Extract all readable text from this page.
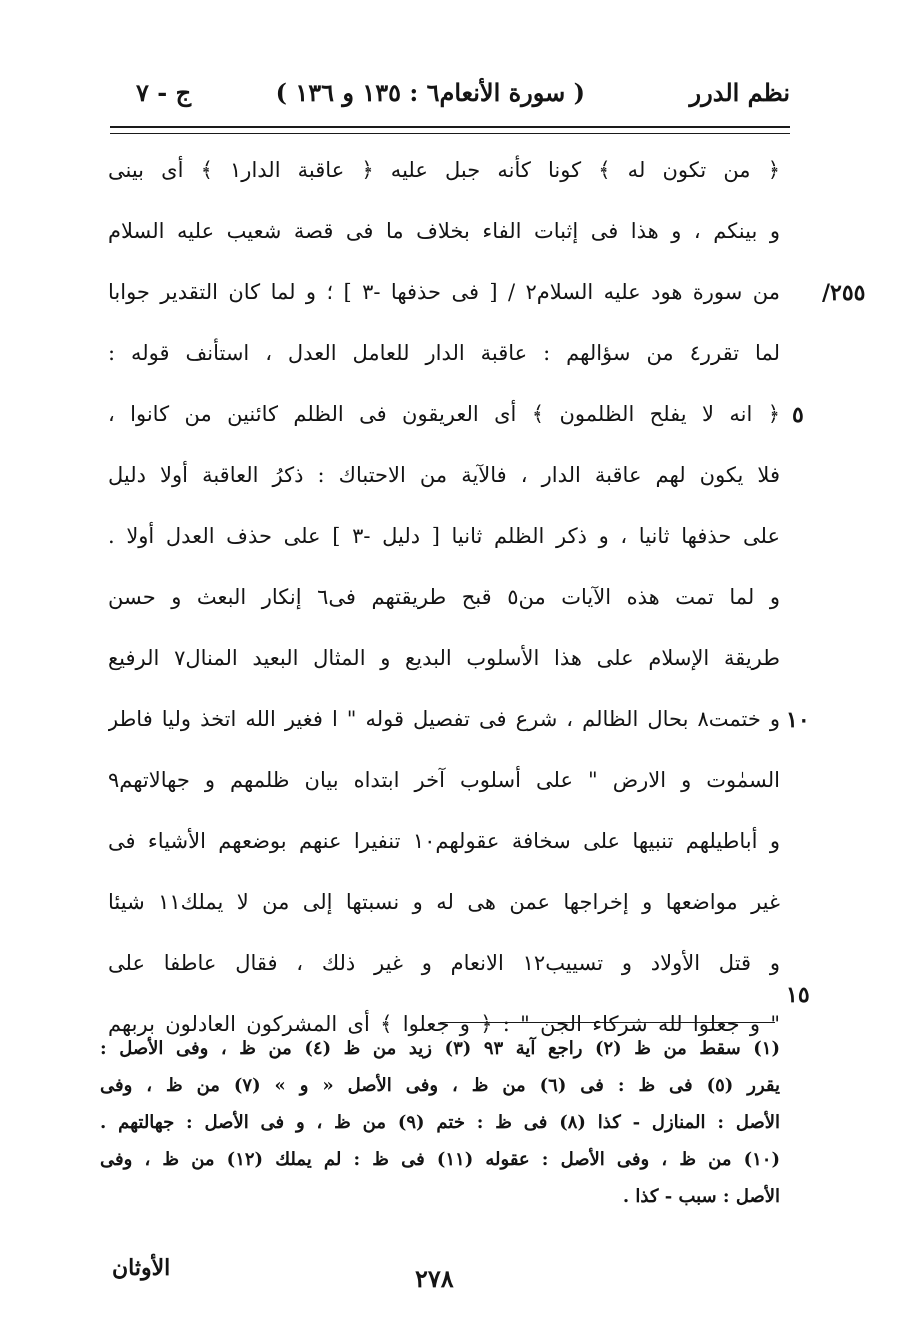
نظم الدرر
( سورة الأنعام٦ : ١٣٥ و ١٣٦ )
ج - ٧
٢٥٥/
٥
١٠
١٥
﴿ من تكون له ﴾ كونا كأنه جبل عليه ﴿ عاقبة الدار١ ﴾ أى بينى
و بينكم ، و هذا فى إثبات الفاء بخلاف ما فى قصة شعيب عليه السلام
من سورة هود عليه السلام٢ / [ فى حذفها -٣ ] ؛ و لما كان التقدير جوابا
لما تقرر٤ من سؤالهم : عاقبة الدار للعامل العدل ، استأنف قوله :
﴿ انه لا يفلح الظلمون ﴾ أى العريقون فى الظلم كائنين من كانوا ،
فلا يكون لهم عاقبة الدار ، فالآية من الاحتباك : ذكرُ العاقبة أولا دليل
على حذفها ثانيا ، و ذكر الظلم ثانيا [ دليل -٣ ] على حذف العدل أولا .
و لما تمت هذه الآيات من٥ قبح طريقتهم فى٦ إنكار البعث و حسن
طريقة الإسلام على هذا الأسلوب البديع و المثال البعيد المنال٧ الرفيع
و ختمت٨ بحال الظالم ، شرع فى تفصيل قوله " ا فغير الله اتخذ وليا فاطر
السمٰوت و الارض " على أسلوب آخر ابتداه بيان ظلمهم و جهالاتهم٩
و أباطيلهم تنبيها على سخافة عقولهم١٠ تنفيرا عنهم بوضعهم الأشياء فى
غير مواضعها و إخراجها عمن هى له و نسبتها إلى من لا يملك١١ شيئا
و قتل الأولاد و تسييب١٢ الانعام و غير ذلك ، فقال عاطفا على
" و جعلوا لله شركاء الجن " : ﴿ و جعلوا ﴾ أى المشركون العادلون بربهم
(١) سقط من ظ (٢) راجع آية ٩٣ (٣) زيد من ظ (٤) من ظ ، وفى الأصل :
يقرر (٥) فى ظ : فى (٦) من ظ ، وفى الأصل « و » (٧) من ظ ، وفى
الأصل : المنازل - كذا (٨) فى ظ : ختم (٩) من ظ ، و فى الأصل : جهالتهم .
(١٠) من ظ ، وفى الأصل : عقوله (١١) فى ظ : لم يملك (١٢) من ظ ، وفى
الأصل : سبب - كذا .
الأوثان	٢٧٨
